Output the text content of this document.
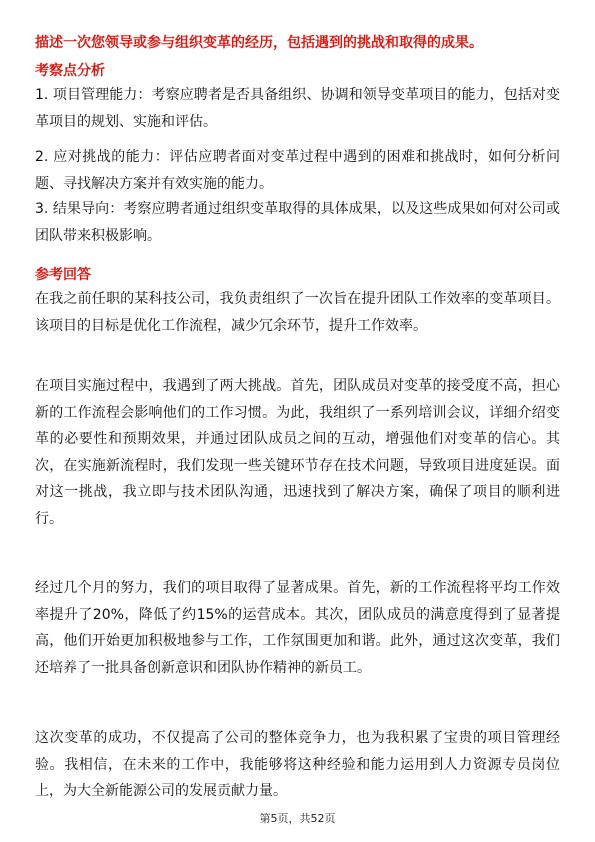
描述一次您领导或参与组织变革的经历，包括遇到的挑战和取得的成果。

考察点分析

1. 项目管理能力：考察应聘者是否具备组织、协调和领导变革项目的能力，包括对变革项目的规划、实施和评估。

2. 应对挑战的能力：评估应聘者面对变革过程中遇到的困难和挑战时，如何分析问题、寻找解决方案并有效实施的能力。

3. 结果导向：考察应聘者通过组织变革取得的具体成果，以及这些成果如何对公司或团队带来积极影响。

参考回答

在我之前任职的某科技公司，我负责组织了一次旨在提升团队工作效率的变革项目。该项目的目标是优化工作流程，减少冗余环节，提升工作效率。

在项目实施过程中，我遇到了两大挑战。首先，团队成员对变革的接受度不高，担心新的工作流程会影响他们的工作习惯。为此，我组织了一系列培训会议，详细介绍变革的必要性和预期效果，并通过团队成员之间的互动，增强他们对变革的信心。其次，在实施新流程时，我们发现一些关键环节存在技术问题，导致项目进度延误。面对这一挑战，我立即与技术团队沟通，迅速找到了解决方案，确保了项目的顺利进行。

经过几个月的努力，我们的项目取得了显著成果。首先，新的工作流程将平均工作效率提升了20%，降低了约15%的运营成本。其次，团队成员的满意度得到了显著提高，他们开始更加积极地参与工作，工作氛围更加和谐。此外，通过这次变革，我们还培养了一批具备创新意识和团队协作精神的新员工。

这次变革的成功，不仅提高了公司的整体竞争力，也为我积累了宝贵的项目管理经验。我相信，在未来的工作中，我能够将这种经验和能力运用到人力资源专员岗位上，为大全新能源公司的发展贡献力量。

第5页，共52页
